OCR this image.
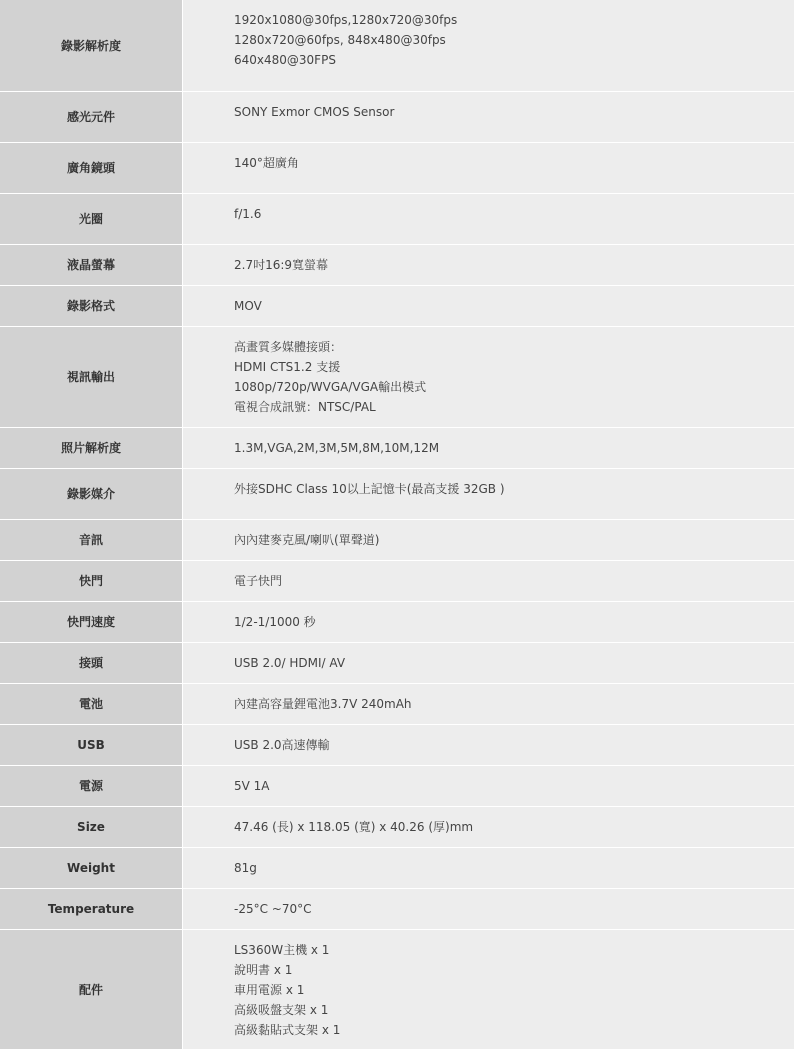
錄影解析度	1920x1080@30fps,1280x720@30fps
1280x720@60fps, 848x480@30fps
640x480@30FPS

感光元件	SONY Exmor CMOS Sensor

廣角鏡頭	140°超廣角

光圈	f/1.6

液晶螢幕	2.7吋16:9寬螢幕

錄影格式	MOV

視訊輸出	高畫質多媒體接頭：
HDMI CTS1.2 支援
1080p/720p/WVGA/VGA輸出模式
電視合成訊號：NTSC/PAL

照片解析度	1.3M,VGA,2M,3M,5M,8M,10M,12M

錄影媒介	外接SDHC Class 10以上記憶卡(最高支援 32GB )

音訊	內內建麥克風/喇叭(單聲道)

快門	電子快門

快門速度	1/2-1/1000 秒

接頭	USB 2.0/ HDMI/ AV

電池	內建高容量鋰電池3.7V 240mAh

USB	USB 2.0高速傳輸

電源	5V 1A

Size	47.46 (長) x 118.05 (寬) x 40.26 (厚)mm

Weight	81g

Temperature	-25°C ~70°C

配件	LS360W主機 x 1
說明書 x 1
車用電源 x 1
高級吸盤支架 x 1
高級黏貼式支架 x 1
